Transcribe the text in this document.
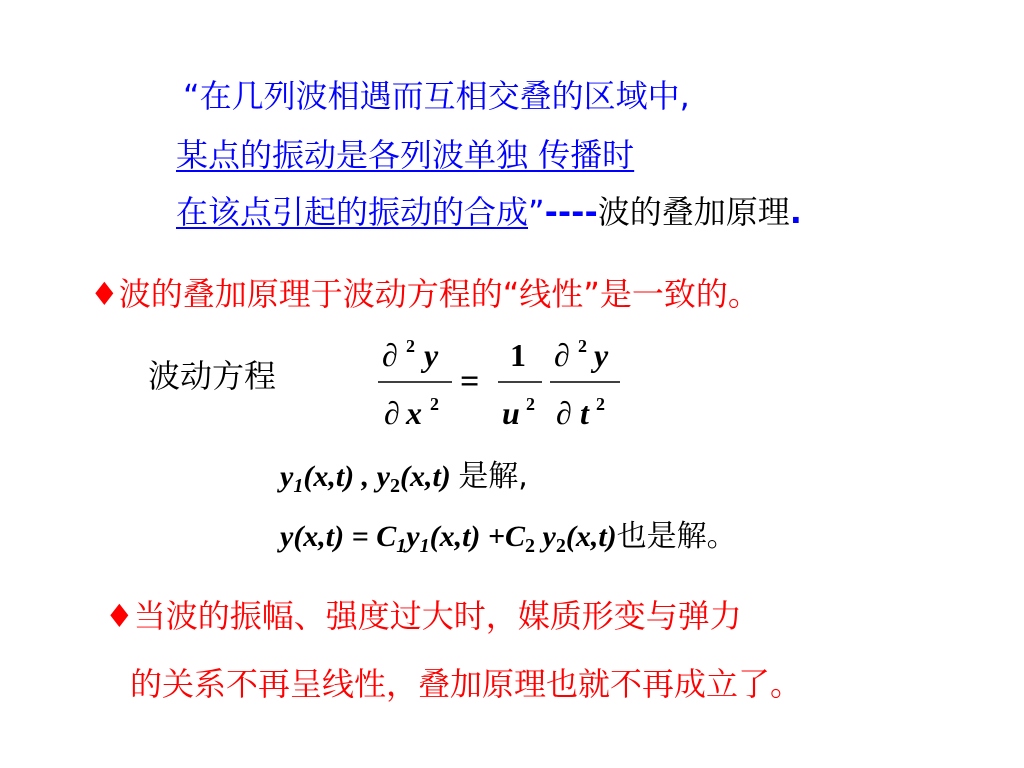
“在几列波相遇而互相交叠的区域中,
某点的振动是各列波单独 传播时
在该点引起的振动的合成”----波的叠加原理.
♦波的叠加原理于波动方程的“线性”是一致的。
波动方程
∂ 2 y
∂ x 2
=
1
u 2
∂ 2 y
∂ t 2
$y_1(x,t)$ , $y_2(x,t)$ 是解,
$y(x,t) = C_1y_1(x,t) +C_2$ $y_2(x,t)$也是解。
♦当波的振幅、强度过大时，媒质形变与弹力
的关系不再呈线性，叠加原理也就不再成立了。
